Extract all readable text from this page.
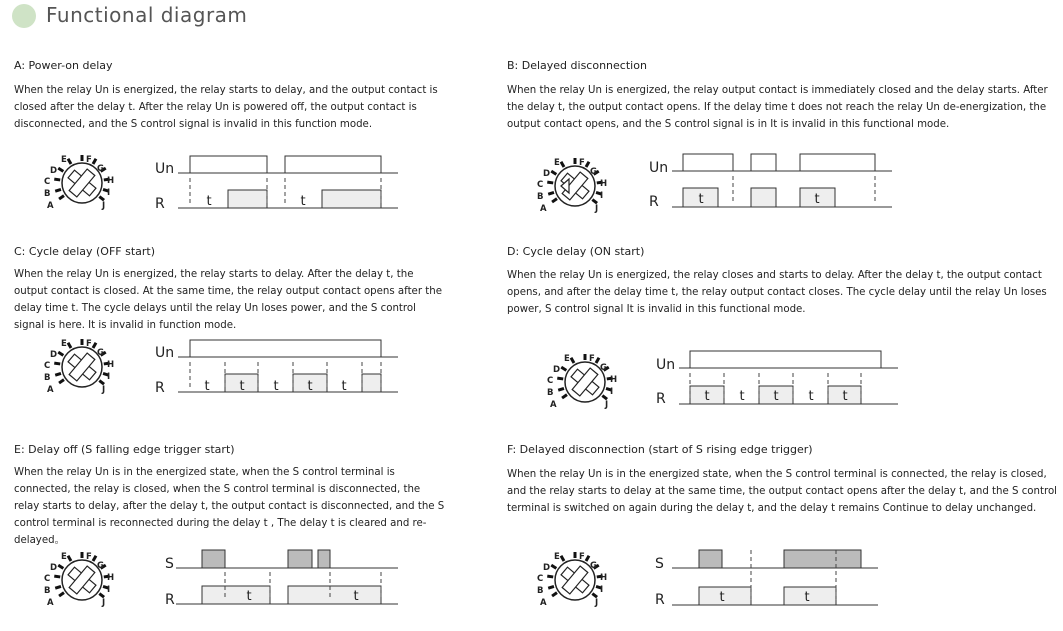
Functional diagram
A: Power-on delay	B: Delayed disconnection
C: Cycle delay (OFF start)	D: Cycle delay (ON start)
E: Delay off (S falling edge trigger start)	F: Delayed disconnection (start of S rising edge trigger)
When the relay Un is energized, the relay starts to delay, and the output contact is closed after the delay t. After the relay Un is powered off, the output contact is disconnected, and the S control signal is invalid in this function mode.
When the relay Un is energized, the relay output contact is immediately closed and the delay starts. After the delay t, the output contact opens. If the delay time t does not reach the relay Un de-energization, the output contact opens, and the S control signal is in It is invalid in this functional mode.
When the relay Un is energized, the relay starts to delay. After the delay t, the output contact is closed. At the same time, the relay output contact opens after the delay time t. The cycle delays until the relay Un loses power, and the S control signal is here. It is invalid in function mode.
When the relay Un is energized, the relay closes and starts to delay. After the delay t, the output contact opens, and after the delay time t, the relay output contact closes. The cycle delay until the relay Un loses power, S control signal It is invalid in this functional mode.
When the relay Un is in the energized state, when the S control terminal is connected, the relay is closed, when the S control terminal is disconnected, the relay starts to delay, after the delay t, the output contact is disconnected, and the S control terminal is reconnected during the delay t , The delay t is cleared and re-delayed。
When the relay Un is in the energized state, when the S control terminal is connected, the relay is closed, and the relay starts to delay at the same time, the output contact opens after the delay t, and the S control terminal is switched on again during the delay t, and the delay t remains Continue to delay unchanged.
A
B
C
D
E F
G
H
I
J
Un
R	t	t	A
B
C
D
E F
G
H
I
J
Un
R	t	t
A
B
C
D
E F
G
H
I
J
Un
R	t t t t t
A
B
C
D
E F
G
H
I
J
Un
R	t t t t t
A
B
C
D
E F
G
H
I
J
S
R	t	t	A
B
C
D
E F
G
H
I
J
S
R	t	t
